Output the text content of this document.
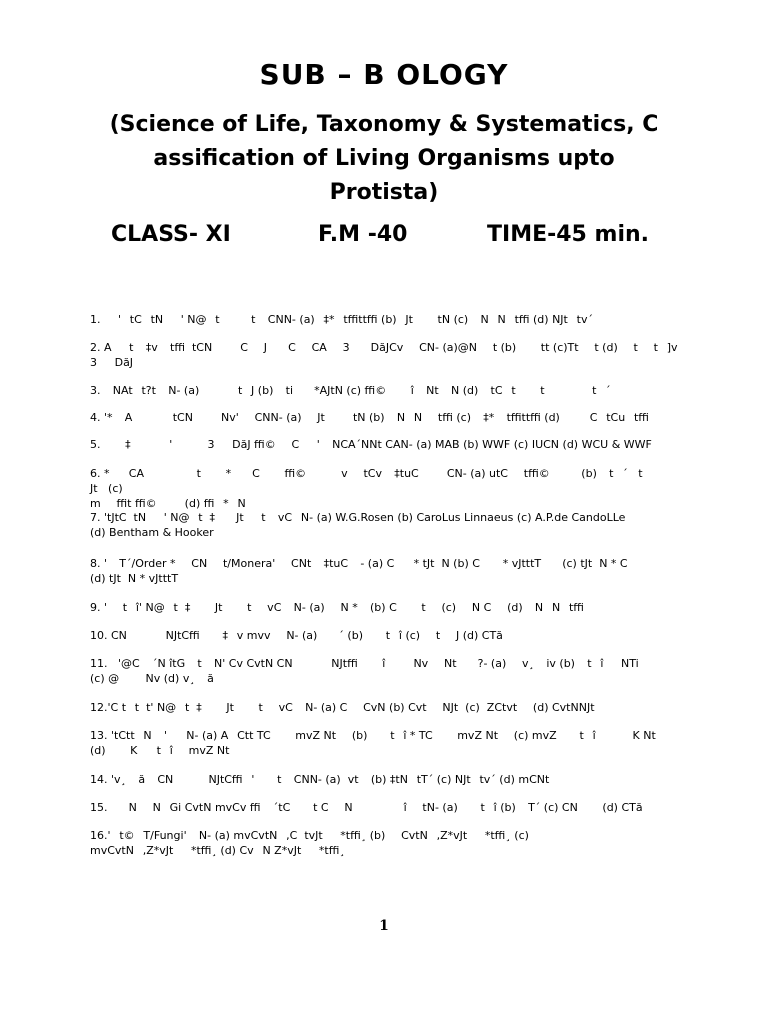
SUB – B OLOGY
(Science of Life, Taxonomy & Systematics, C
assification of Living Organisms upto
Protista)
CLASS- XI	F.M -40	TIME-45 min.

1.     'tCtN' N@t    t CNN- (a)‡*tffittffi (b)Jt  tN (c) NNtffi (d) NJttv´ 

2. At ‡v tffi  tCN   C  J C  CA  3 DăJCv  CN- (a)@N  t (b)  tt (c)Tt  t (d)  t  t]v
3DăJ

3. NAtt?t N- (a) tJ (b) ti *AJtN (c) ffi©  î Nt N (d) tCt  t t´ 

4. '* A    tCN   Nv'  CNN- (a)  Jt   tN (b) NN  tffi (c) ‡* tffittffi (d) CtCutffi

5.  ‡ '3DăJ ffi©  C' NCA´NNt CAN- (a) MAB (b) WWF (c) IUCN (d) WCU & WWF

6. *   CA     t  * C  ffi©     v  tCv ‡tuC   CN- (a) utC  tffi©    (b) t´   t   Jt   (c)
m  ffit ffi©   (d) ffi*N

7. 'tJtC  tN' N@t  ‡ Jtt vCN- (a) W.G.Rosen (b) CaroLus Linnaeus (c) A.P.de CandoLLe
(d) Bentham & Hooker

8. ' T´/Order *  CN  t/Monera'  CNt ‡tuC - (a) C   * tJt  N (b) C    * vJtttT (c) tJt  N * C 
(d) tJt  N * vJtttT

9. '  tî' N@t  ‡  Jt  t  vC N- (a)  N * (b) C  t  (c)  N C  (d) NNtffi

10. CN NJtCffi    ‡v mvv  N- (a) ´ (b)    tî (c)  t  J (d) CTă

11.   '@C ´N îtG t N' Cv CvtN CN NJtffi  î   Nv  Nt ?- (a)  v¸ iv (b) tîNTi
(c) @Nv (d) v¸ ă

12.'C tt  t' N@t  ‡  Jt  t  vC N- (a) C  CvN (b) Cvt  NJt  (c)  ZCtvt  (d) CvtNNJt  

13. 'tCttN '   N- (a) ACtt TC  mvZ Nt  (b)    tî * TC  mvZ Nt  (c) mvZ    tî   K Nt
(d)  K   tî  mvZ Nt

14. 'v¸ ă CNNJtCffi'    t CNN- (a)  vt (b) ‡tNtT´ (c) NJttv´ (d) mCNt

15. N  NGi CvtN mvCv ffi ´tC    t C  N  î  tN- (a)    tî (b) T´ (c) CN  (d) CTă

16.'t©T/Fungi' N- (a) mvCvtN,C  tvJt*tffi¸ (b)  CvtN,Z*vJt*tffi¸ (c)
mvCvtN,Z*vJt*tffi¸ (d) CvN Z*vJt*tffi¸

1
